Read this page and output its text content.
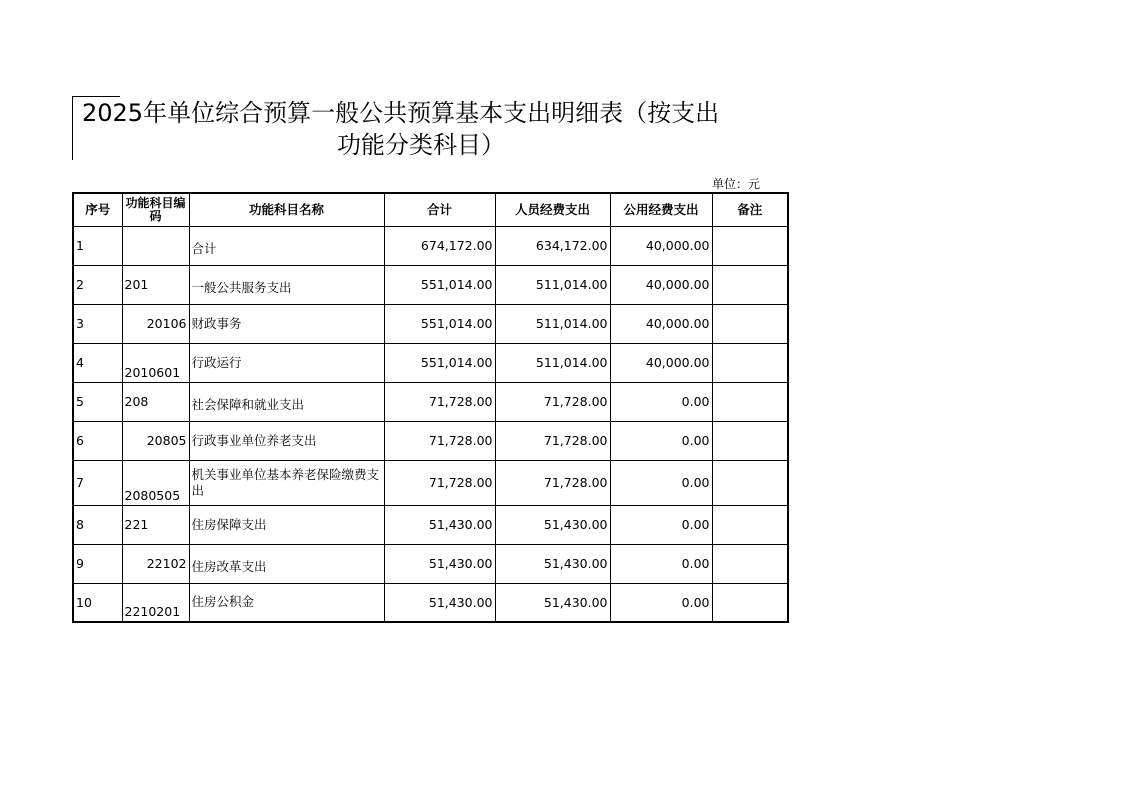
2025年单位综合预算一般公共预算基本支出明细表（按支出
功能分类科目）
单位：元
序号	功能科目编码	功能科目名称	合计	人员经费支出	公用经费支出	备注
1		合计	674,172.00	634,172.00	40,000.00	
2	201	一般公共服务支出	551,014.00	511,014.00	40,000.00	
3	20106	财政事务	551,014.00	511,014.00	40,000.00	
4	2010601	行政运行	551,014.00	511,014.00	40,000.00	
5	208	社会保障和就业支出	71,728.00	71,728.00	0.00	
6	20805	行政事业单位养老支出	71,728.00	71,728.00	0.00	
7	2080505	机关事业单位基本养老保险缴费支出	71,728.00	71,728.00	0.00	
8	221	住房保障支出	51,430.00	51,430.00	0.00	
9	22102	住房改革支出	51,430.00	51,430.00	0.00	
10	2210201	住房公积金	51,430.00	51,430.00	0.00	
